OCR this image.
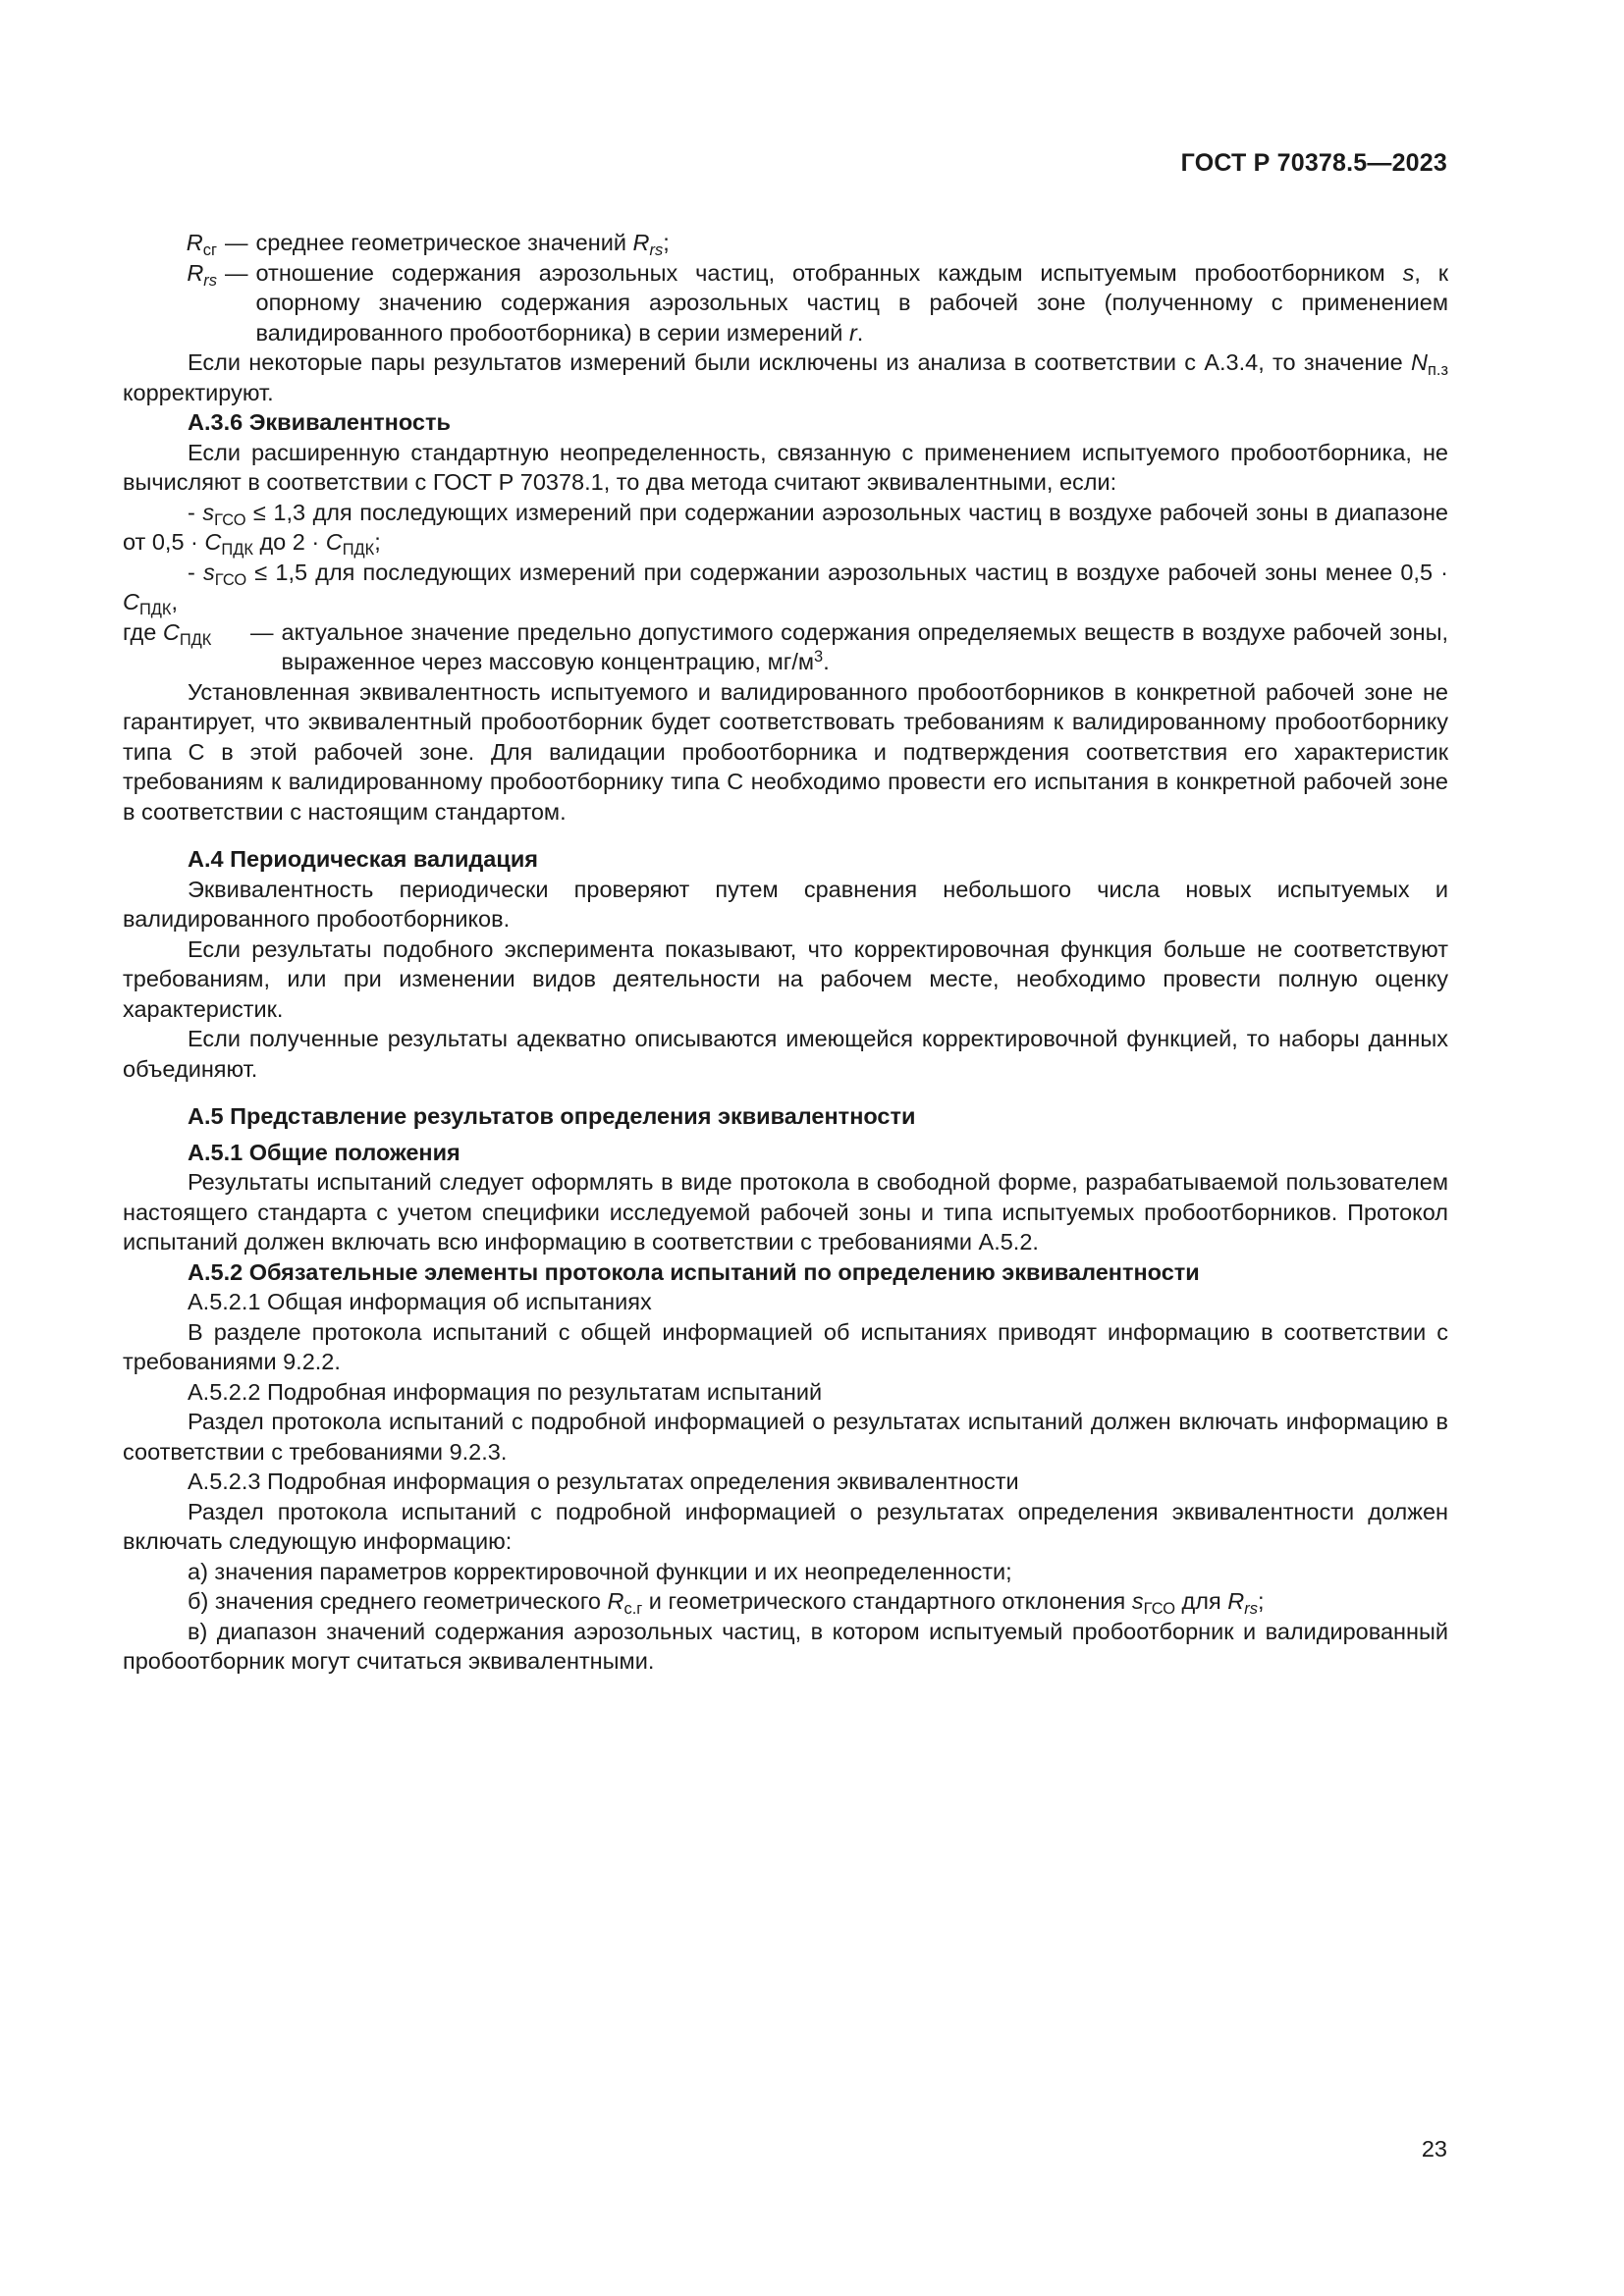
ГОСТ Р 70378.5—2023
$R_{сг}$ — среднее геометрическое значений $R_{rs}$;
$R_{rs}$ — отношение содержания аэрозольных частиц, отобранных каждым испытуемым пробоотборником s, к опорному значению содержания аэрозольных частиц в рабочей зоне (полученному с применением валидированного пробоотборника) в серии измерений r.

Если некоторые пары результатов измерений были исключены из анализа в соответствии с А.3.4, то значение $N_{п.з}$ корректируют.

А.3.6 Эквивалентность

Если расширенную стандартную неопределенность, связанную с применением испытуемого пробоотборника, не вычисляют в соответствии с ГОСТ Р 70378.1, то два метода считают эквивалентными, если:

- $s_{ГСО} \le 1,3$ для последующих измерений при содержании аэрозольных частиц в воздухе рабочей зоны в диапазоне от $0,5 \cdot C_{ПДК}$ до $2 \cdot C_{ПДК}$;

- $s_{ГСО} \le 1,5$ для последующих измерений при содержании аэрозольных частиц в воздухе рабочей зоны менее $0,5 \cdot C_{ПДК}$,

где $C_{ПДК}$	— актуальное значение предельно допустимого содержания определяемых веществ в воздухе рабочей зоны, выраженное через массовую концентрацию, $мг/м^3$.

Установленная эквивалентность испытуемого и валидированного пробоотборников в конкретной рабочей зоне не гарантирует, что эквивалентный пробоотборник будет соответствовать требованиям к валидированному пробоотборнику типа С в этой рабочей зоне. Для валидации пробоотборника и подтверждения соответствия его характеристик требованиям к валидированному пробоотборнику типа С необходимо провести его испытания в конкретной рабочей зоне в соответствии с настоящим стандартом.

А.4 Периодическая валидация

Эквивалентность периодически проверяют путем сравнения небольшого числа новых испытуемых и валидированного пробоотборников.

Если результаты подобного эксперимента показывают, что корректировочная функция больше не соответствуют требованиям, или при изменении видов деятельности на рабочем месте, необходимо провести полную оценку характеристик.

Если полученные результаты адекватно описываются имеющейся корректировочной функцией, то наборы данных объединяют.

А.5 Представление результатов определения эквивалентности

А.5.1 Общие положения

Результаты испытаний следует оформлять в виде протокола в свободной форме, разрабатываемой пользователем настоящего стандарта с учетом специфики исследуемой рабочей зоны и типа испытуемых пробоотборников. Протокол испытаний должен включать всю информацию в соответствии с требованиями А.5.2.

А.5.2 Обязательные элементы протокола испытаний по определению эквивалентности

А.5.2.1 Общая информация об испытаниях

В разделе протокола испытаний с общей информацией об испытаниях приводят информацию в соответствии с требованиями 9.2.2.

А.5.2.2 Подробная информация по результатам испытаний

Раздел протокола испытаний с подробной информацией о результатах испытаний должен включать информацию в соответствии с требованиями 9.2.3.

А.5.2.3 Подробная информация о результатах определения эквивалентности

Раздел протокола испытаний с подробной информацией о результатах определения эквивалентности должен включать следующую информацию:

а) значения параметров корректировочной функции и их неопределенности;

б) значения среднего геометрического $R_{с.г}$ и геометрического стандартного отклонения $s_{ГСО}$ для $R_{rs}$;

в) диапазон значений содержания аэрозольных частиц, в котором испытуемый пробоотборник и валидированный пробоотборник могут считаться эквивалентными.

23
